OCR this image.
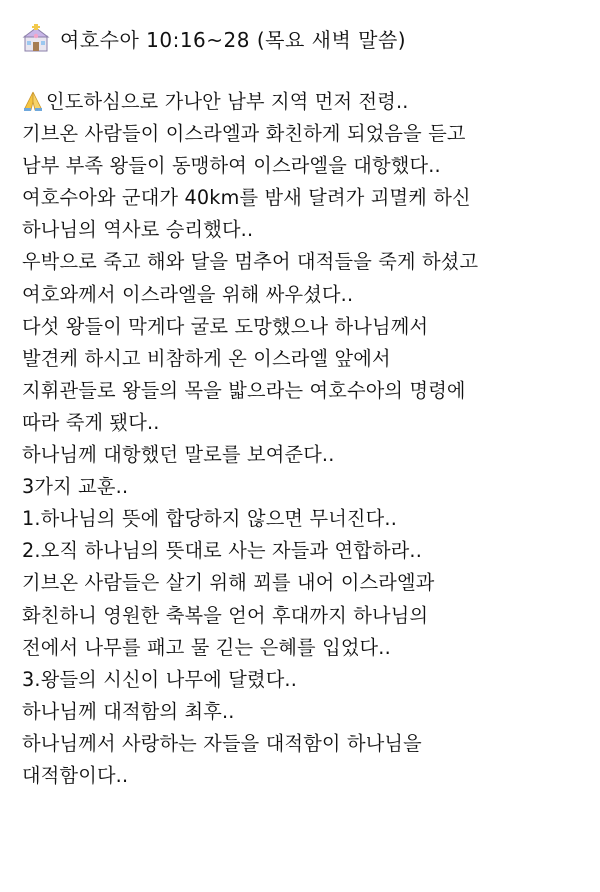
여호수아 10:16~28 (목요 새벽 말씀)
인도하심으로 가나안 남부 지역 먼저 전령..
기브온 사람들이 이스라엘과 화친하게 되었음을 듣고
남부 부족 왕들이 동맹하여 이스라엘을 대항했다..
여호수아와 군대가 40km를 밤새 달려가 괴멸케 하신
하나님의 역사로 승리했다..
우박으로 죽고 해와 달을 멈추어 대적들을 죽게 하셨고
여호와께서 이스라엘을 위해 싸우셨다..
다섯 왕들이 막게다 굴로 도망했으나 하나님께서
발견케 하시고 비참하게 온 이스라엘 앞에서
지휘관들로 왕들의 목을 밟으라는 여호수아의 명령에
따라 죽게 됐다..
하나님께 대항했던 말로를 보여준다..
3가지 교훈..
1.하나님의 뜻에 합당하지 않으면 무너진다..
2.오직 하나님의 뜻대로 사는 자들과 연합하라..
기브온 사람들은 살기 위해 꾀를 내어 이스라엘과
화친하니 영원한 축복을 얻어 후대까지 하나님의
전에서 나무를 패고 물 긷는 은혜를 입었다..
3.왕들의 시신이 나무에 달렸다..
하나님께 대적함의 최후..
하나님께서 사랑하는 자들을 대적함이 하나님을
대적함이다..
